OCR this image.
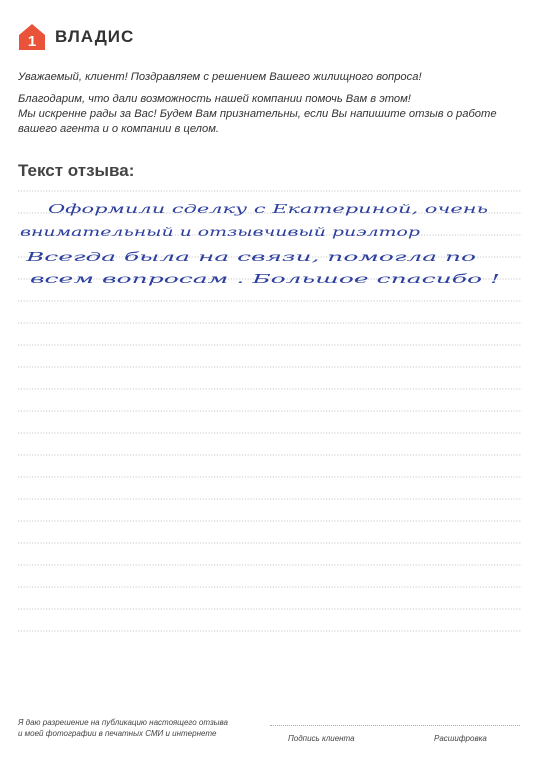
1 ВЛАДИС
Уважаемый, клиент! Поздравляем с решением Вашего жилищного вопроса!
Благодарим, что дали возможность нашей компании помочь Вам в этом!
Мы искренне рады за Вас! Будем Вам признательны, если Вы напишите отзыв о работе
вашего агента и о компании в целом.
Текст отзыва:
Оформили сделку с Екатериной, очень
внимательный и отзывчивый риэлтор
Всегда была на связи, помогла по
всем вопросам . Большое спасибо !
Я даю разрешение на публикацию настоящего отзыва
и моей фотографии в печатных СМИ и интернете
Подпись клиента	Расшифровка
